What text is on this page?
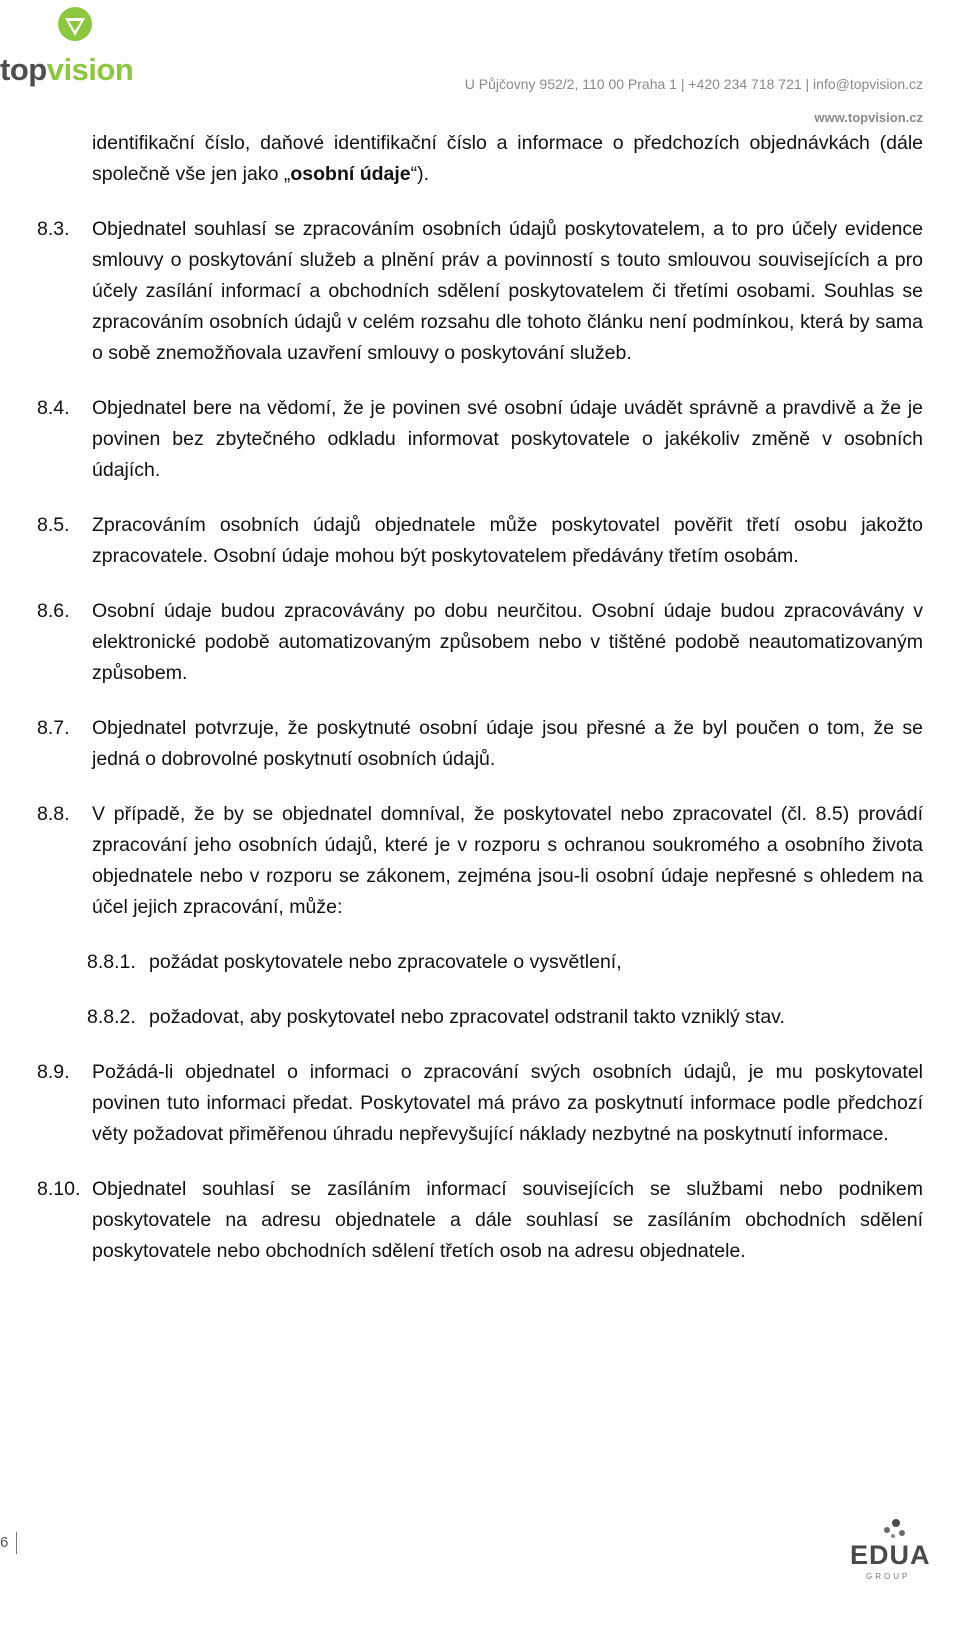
topvision	U Půjčovny 952/2, 110 00 Praha 1 | +420 234 718 721 | info@topvision.cz
www.topvision.cz
identifikační číslo, daňové identifikační číslo a informace o předchozích objednávkách (dále společně vše jen jako „osobní údaje“).
8.3.	Objednatel souhlasí se zpracováním osobních údajů poskytovatelem, a to pro účely evidence smlouvy o poskytování služeb a plnění práv a povinností s touto smlouvou souvisejících a pro účely zasílání informací a obchodních sdělení poskytovatelem či třetími osobami. Souhlas se zpracováním osobních údajů v celém rozsahu dle tohoto článku není podmínkou, která by sama o sobě znemožňovala uzavření smlouvy o poskytování služeb.
8.4.	Objednatel bere na vědomí, že je povinen své osobní údaje uvádět správně a pravdivě a že je povinen bez zbytečného odkladu informovat poskytovatele o jakékoliv změně v osobních údajích.
8.5.	Zpracováním osobních údajů objednatele může poskytovatel pověřit třetí osobu jakožto zpracovatele. Osobní údaje mohou být poskytovatelem předávány třetím osobám.
8.6.	Osobní údaje budou zpracovávány po dobu neurčitou. Osobní údaje budou zpracovávány v elektronické podobě automatizovaným způsobem nebo v tištěné podobě neautomatizovaným způsobem.
8.7.	Objednatel potvrzuje, že poskytnuté osobní údaje jsou přesné a že byl poučen o tom, že se jedná o dobrovolné poskytnutí osobních údajů.
8.8.	V případě, že by se objednatel domníval, že poskytovatel nebo zpracovatel (čl. 8.5) provádí zpracování jeho osobních údajů, které je v rozporu s ochranou soukromého a osobního života objednatele nebo v rozporu se zákonem, zejména jsou-li osobní údaje nepřesné s ohledem na účel jejich zpracování, může:
8.8.1. požádat poskytovatele nebo zpracovatele o vysvětlení,
8.8.2. požadovat, aby poskytovatel nebo zpracovatel odstranil takto vzniklý stav.
8.9.	Požádá-li objednatel o informaci o zpracování svých osobních údajů, je mu poskytovatel povinen tuto informaci předat. Poskytovatel má právo za poskytnutí informace podle předchozí věty požadovat přiměřenou úhradu nepřevyšující náklady nezbytné na poskytnutí informace.
8.10. Objednatel souhlasí se zasíláním informací souvisejících se službami nebo podnikem poskytovatele na adresu objednatele a dále souhlasí se zasíláním obchodních sdělení poskytovatele nebo obchodních sdělení třetích osob na adresu objednatele.
6	EDUA
GROUP
